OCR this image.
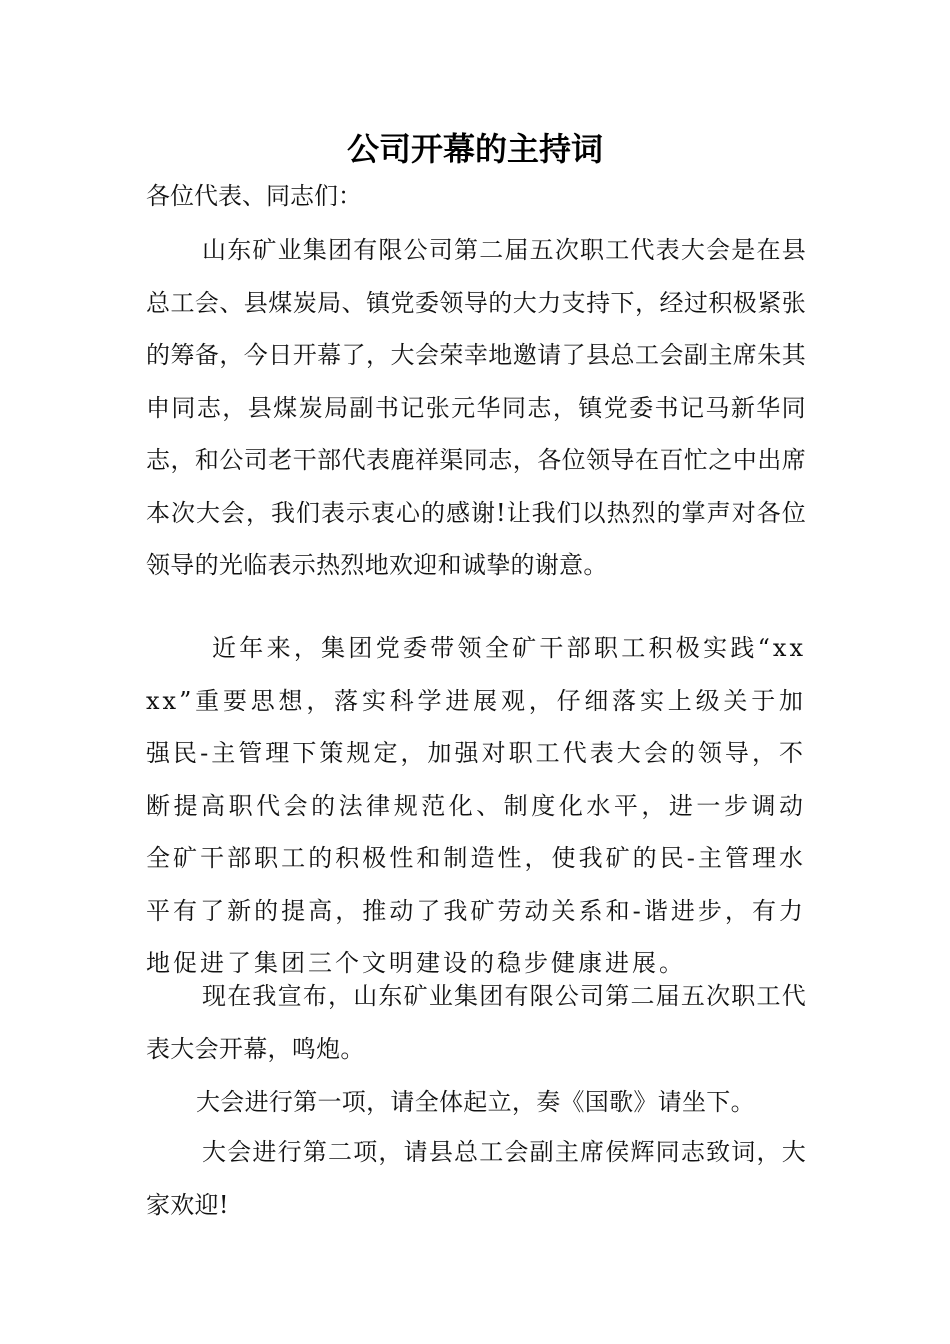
公司开幕的主持词
各位代表、同志们：
山东矿业集团有限公司第二届五次职工代表大会是在县总工会、县煤炭局、镇党委领导的大力支持下，经过积极紧张的筹备，今日开幕了，大会荣幸地邀请了县总工会副主席朱其申同志，县煤炭局副书记张元华同志，镇党委书记马新华同志，和公司老干部代表鹿祥渠同志，各位领导在百忙之中出席本次大会，我们表示衷心的感谢!让我们以热烈的掌声对各位领导的光临表示热烈地欢迎和诚挚的谢意。
近年来，集团党委带领全矿干部职工积极实践“xxxx”重要思想，落实科学进展观，仔细落实上级关于加强民-主管理下策规定，加强对职工代表大会的领导，不断提高职代会的法律规范化、制度化水平，进一步调动全矿干部职工的积极性和制造性，使我矿的民-主管理水平有了新的提高，推动了我矿劳动关系和-谐进步，有力地促进了集团三个文明建设的稳步健康进展。
现在我宣布，山东矿业集团有限公司第二届五次职工代表大会开幕，鸣炮。
大会进行第一项，请全体起立，奏《国歌》请坐下。
大会进行第二项，请县总工会副主席侯辉同志致词，大家欢迎!
